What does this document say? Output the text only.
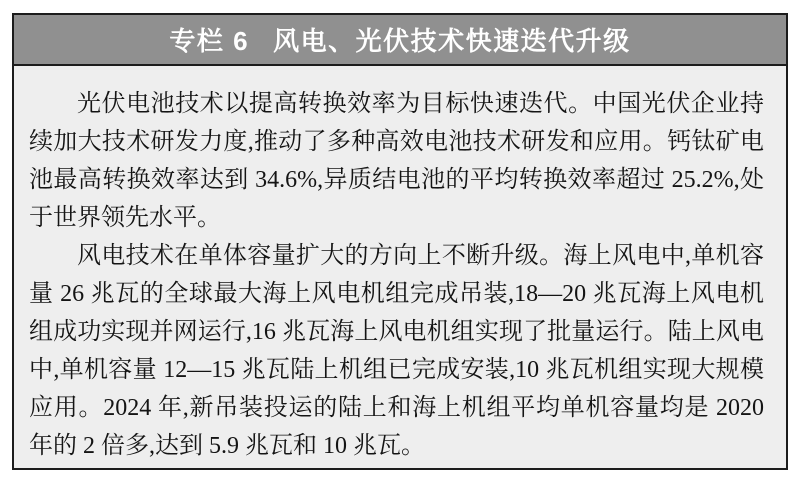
专栏 6 风电、光伏技术快速迭代升级

光伏电池技术以提高转换效率为目标快速迭代。中国光伏企业持续加大技术研发力度,推动了多种高效电池技术研发和应用。钙钛矿电池最高转换效率达到 34.6%,异质结电池的平均转换效率超过 25.2%,处于世界领先水平。

风电技术在单体容量扩大的方向上不断升级。海上风电中,单机容量 26 兆瓦的全球最大海上风电机组完成吊装,18—20 兆瓦海上风电机组成功实现并网运行,16 兆瓦海上风电机组实现了批量运行。陆上风电中,单机容量 12—15 兆瓦陆上机组已完成安装,10 兆瓦机组实现大规模应用。2024 年,新吊装投运的陆上和海上机组平均单机容量均是 2020 年的 2 倍多,达到 5.9 兆瓦和 10 兆瓦。
